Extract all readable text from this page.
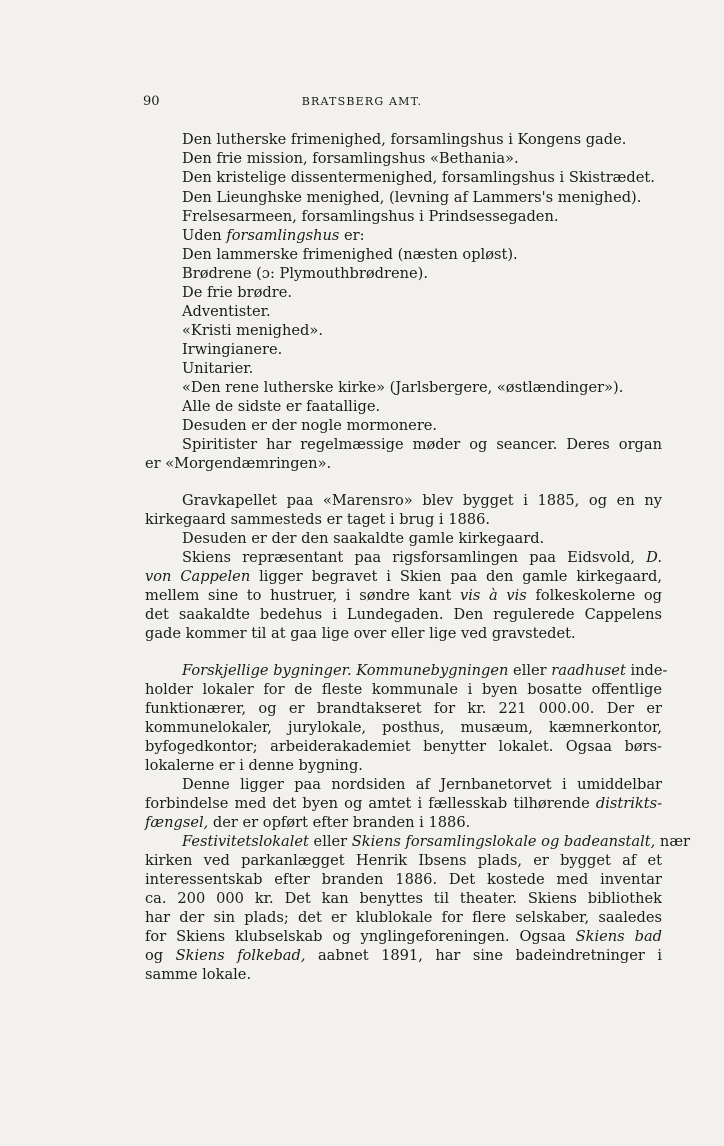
90	BRATSBERG AMT.
Den lutherske frimenighed, forsamlingshus i Kongens gade.
Den frie mission, forsamlingshus «Bethania».
Den kristelige dissentermenighed, forsamlingshus i Skistrædet.
Den Lieunghske menighed, (levning af Lammers's menighed).
Frelsesarmeen, forsamlingshus i Prindsessegaden.
Uden forsamlingshus er:
Den lammerske frimenighed (næsten opløst).
Brødrene (ɔ: Plymouthbrødrene).
De frie brødre.
Adventister.
«Kristi menighed».
Irwingianere.
Unitarier.
«Den rene lutherske kirke» (Jarlsbergere, «østlændinger»).
Alle de sidste er faatallige.
Desuden er der nogle mormonere.
Spiritister har regelmæssige møder og seancer. Deres organ
er «Morgendæmringen».
Gravkapellet paa «Marensro» blev bygget i 1885, og en ny
kirkegaard sammesteds er taget i brug i 1886.
Desuden er der den saakaldte gamle kirkegaard.
Skiens repræsentant paa rigsforsamlingen paa Eidsvold, D.
von Cappelen ligger begravet i Skien paa den gamle kirkegaard,
mellem sine to hustruer, i søndre kant vis à vis folkeskolerne og
det saakaldte bedehus i Lundegaden. Den regulerede Cappelens
gade kommer til at gaa lige over eller lige ved gravstedet.
Forskjellige bygninger. Kommunebygningen eller raadhuset inde-
holder lokaler for de fleste kommunale i byen bosatte offentlige
funktionærer, og er brandtakseret for kr. 221 000.00. Der er
kommunelokaler, jurylokale, posthus, musæum, kæmnerkontor,
byfogedkontor; arbeiderakademiet benytter lokalet. Ogsaa børs-
lokalerne er i denne bygning.
Denne ligger paa nordsiden af Jernbanetorvet i umiddelbar
forbindelse med det byen og amtet i fællesskab tilhørende distrikts-
fængsel, der er opført efter branden i 1886.
Festivitetslokalet eller Skiens forsamlingslokale og badeanstalt, nær
kirken ved parkanlægget Henrik Ibsens plads, er bygget af et
interessentskab efter branden 1886. Det kostede med inventar
ca. 200 000 kr. Det kan benyttes til theater. Skiens bibliothek
har der sin plads; det er klublokale for flere selskaber, saaledes
for Skiens klubselskab og ynglingeforeningen. Ogsaa Skiens bad
og Skiens folkebad, aabnet 1891, har sine badeindretninger i
samme lokale.
